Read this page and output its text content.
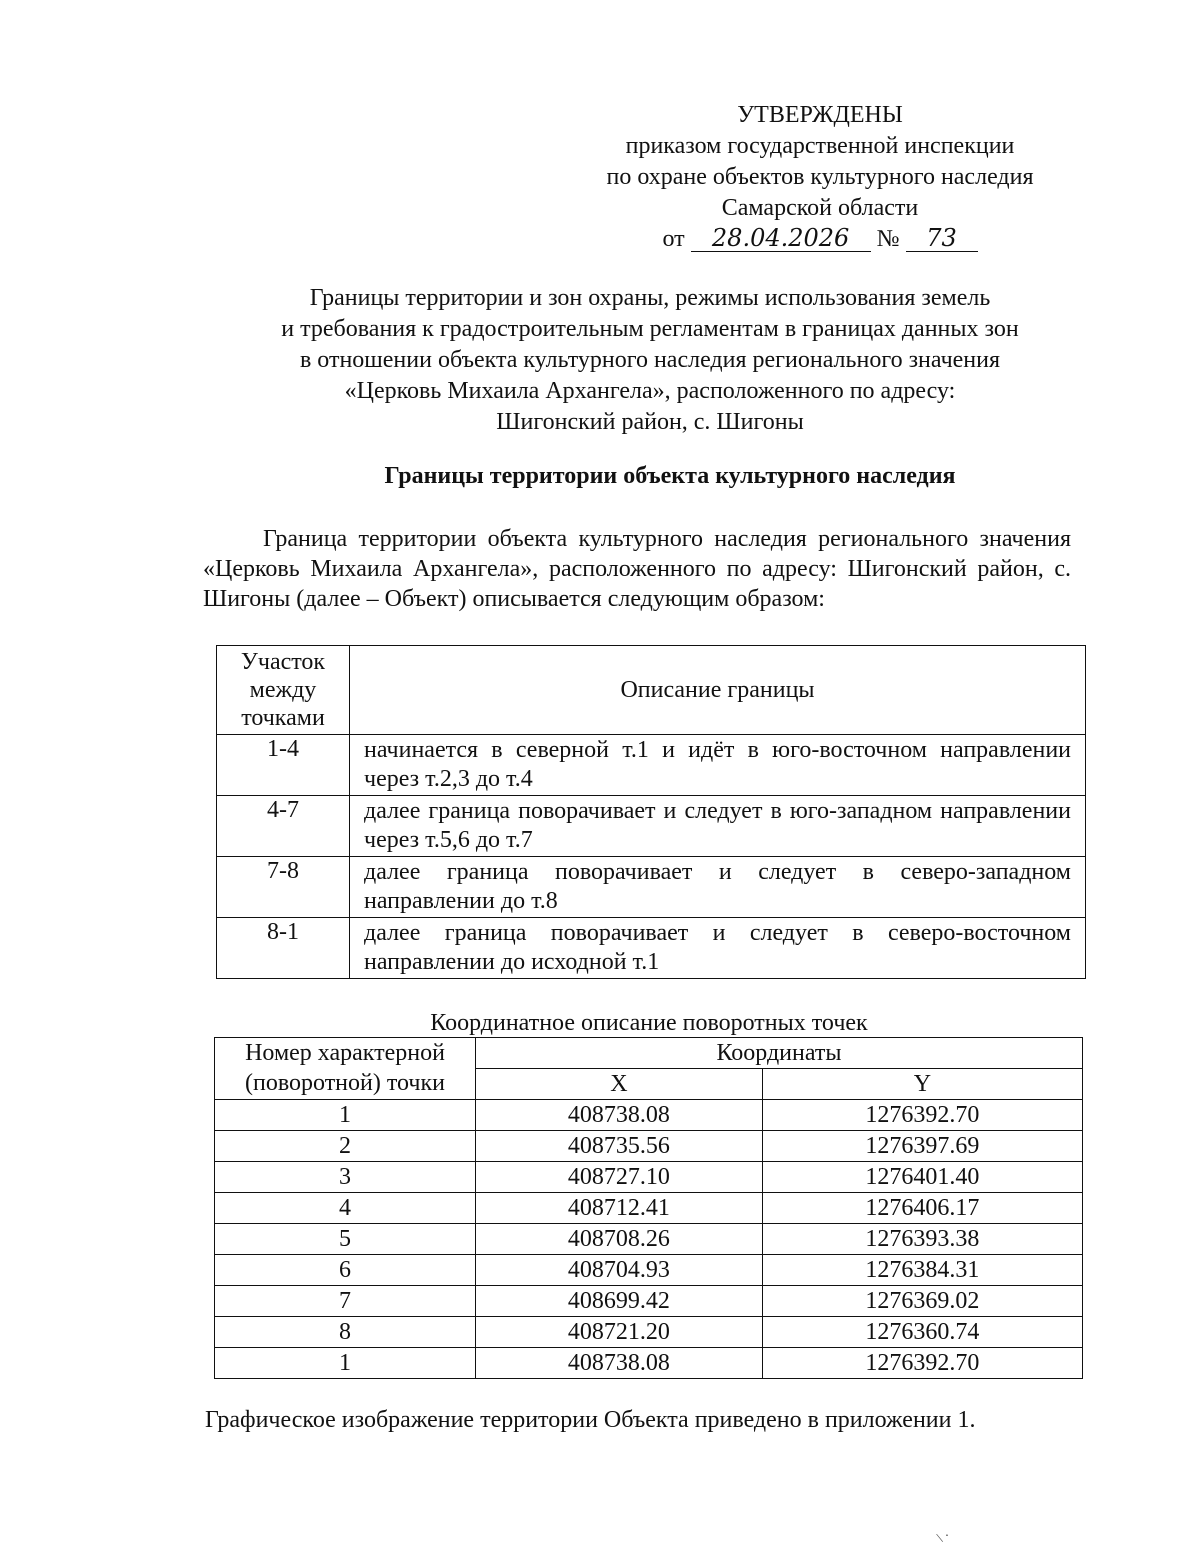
УТВЕРЖДЕНЫ
приказом государственной инспекции
по охране объектов культурного наследия
Самарской области
от 28.04.2026 № 73
Границы территории и зон охраны, режимы использования земель
и требования к градостроительным регламентам в границах данных зон
в отношении объекта культурного наследия регионального значения
«Церковь Михаила Архангела», расположенного по адресу:
Шигонский район, с. Шигоны
Границы территории объекта культурного наследия

Граница территории объекта культурного наследия регионального значения «Церковь Михаила Архангела», расположенного по адресу: Шигонский район, с. Шигоны (далее – Объект) описывается следующим образом:

Участок между точками	Описание границы
1-4	начинается в северной т.1 и идёт в юго-восточном направлении через т.2,3 до т.4
4-7	далее граница поворачивает и следует в юго-западном направлении через т.5,6 до т.7
7-8	далее граница поворачивает и следует в северо-западном направлении до т.8
8-1	далее граница поворачивает и следует в северо-восточном направлении до исходной т.1
Координатное описание поворотных точек
Номер характерной (поворотной) точки	Координаты	
	X	Y
1	408738.08	1276392.70
2	408735.56	1276397.69
3	408727.10	1276401.40
4	408712.41	1276406.17
5	408708.26	1276393.38
6	408704.93	1276384.31
7	408699.42	1276369.02
8	408721.20	1276360.74
1	408738.08	1276392.70
Графическое изображение территории Объекта приведено в приложении 1.
\ ·
